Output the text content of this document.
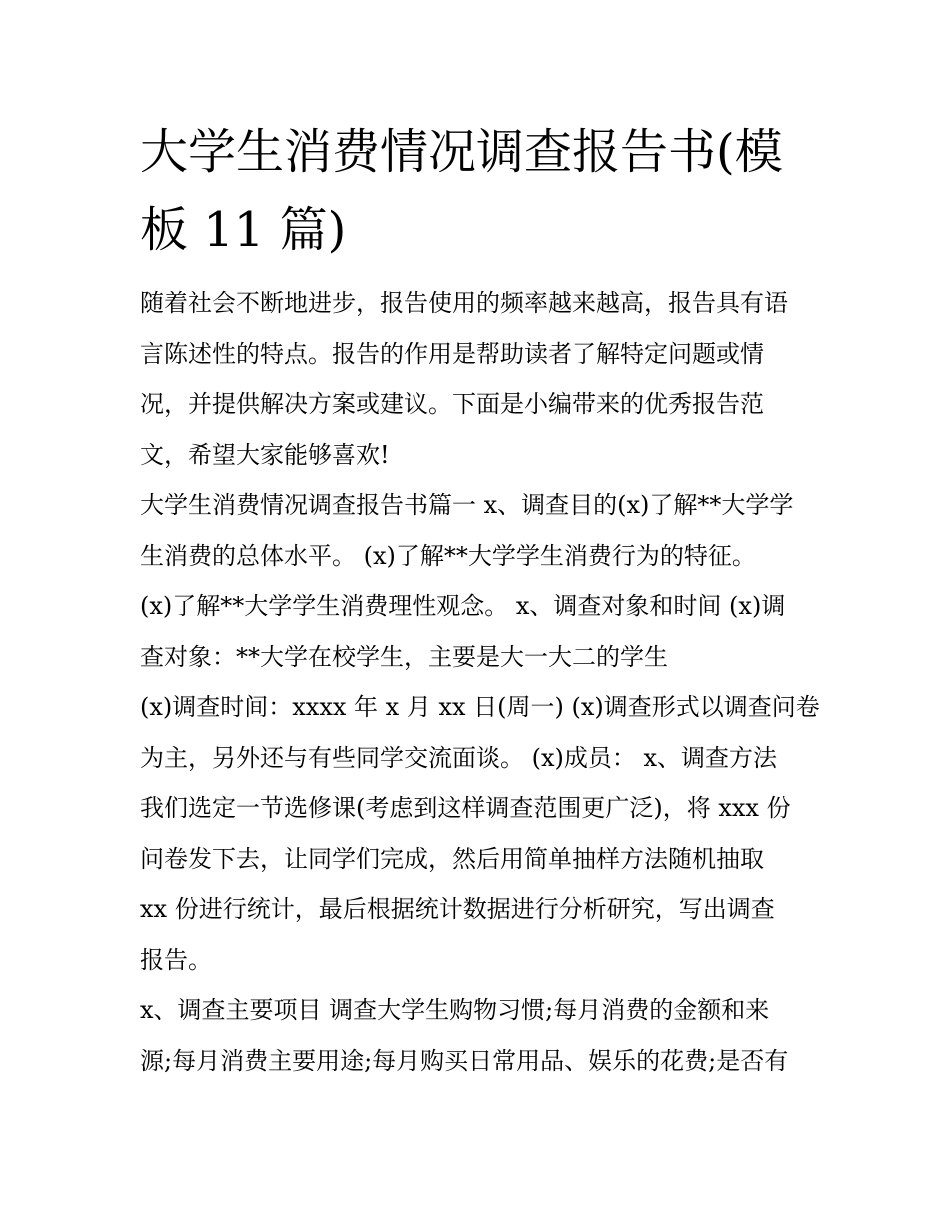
大学生消费情况调查报告书(模
板 11 篇)
随着社会不断地进步，报告使用的频率越来越高，报告具有语
言陈述性的特点。报告的作用是帮助读者了解特定问题或情
况，并提供解决方案或建议。下面是小编带来的优秀报告范
文，希望大家能够喜欢!
大学生消费情况调查报告书篇一 x、调查目的(x)了解**大学学
生消费的总体水平。 (x)了解**大学学生消费行为的特征。
(x)了解**大学学生消费理性观念。 x、调查对象和时间 (x)调
查对象：**大学在校学生，主要是大一大二的学生
(x)调查时间：xxxx 年 x 月 xx 日(周一) (x)调查形式以调查问卷
为主，另外还与有些同学交流面谈。 (x)成员： x、调查方法
我们选定一节选修课(考虑到这样调查范围更广泛)，将 xxx 份
问卷发下去，让同学们完成，然后用简单抽样方法随机抽取
xx 份进行统计，最后根据统计数据进行分析研究，写出调查
报告。
x、调查主要项目 调查大学生购物习惯;每月消费的金额和来
源;每月消费主要用途;每月购买日常用品、娱乐的花费;是否有
